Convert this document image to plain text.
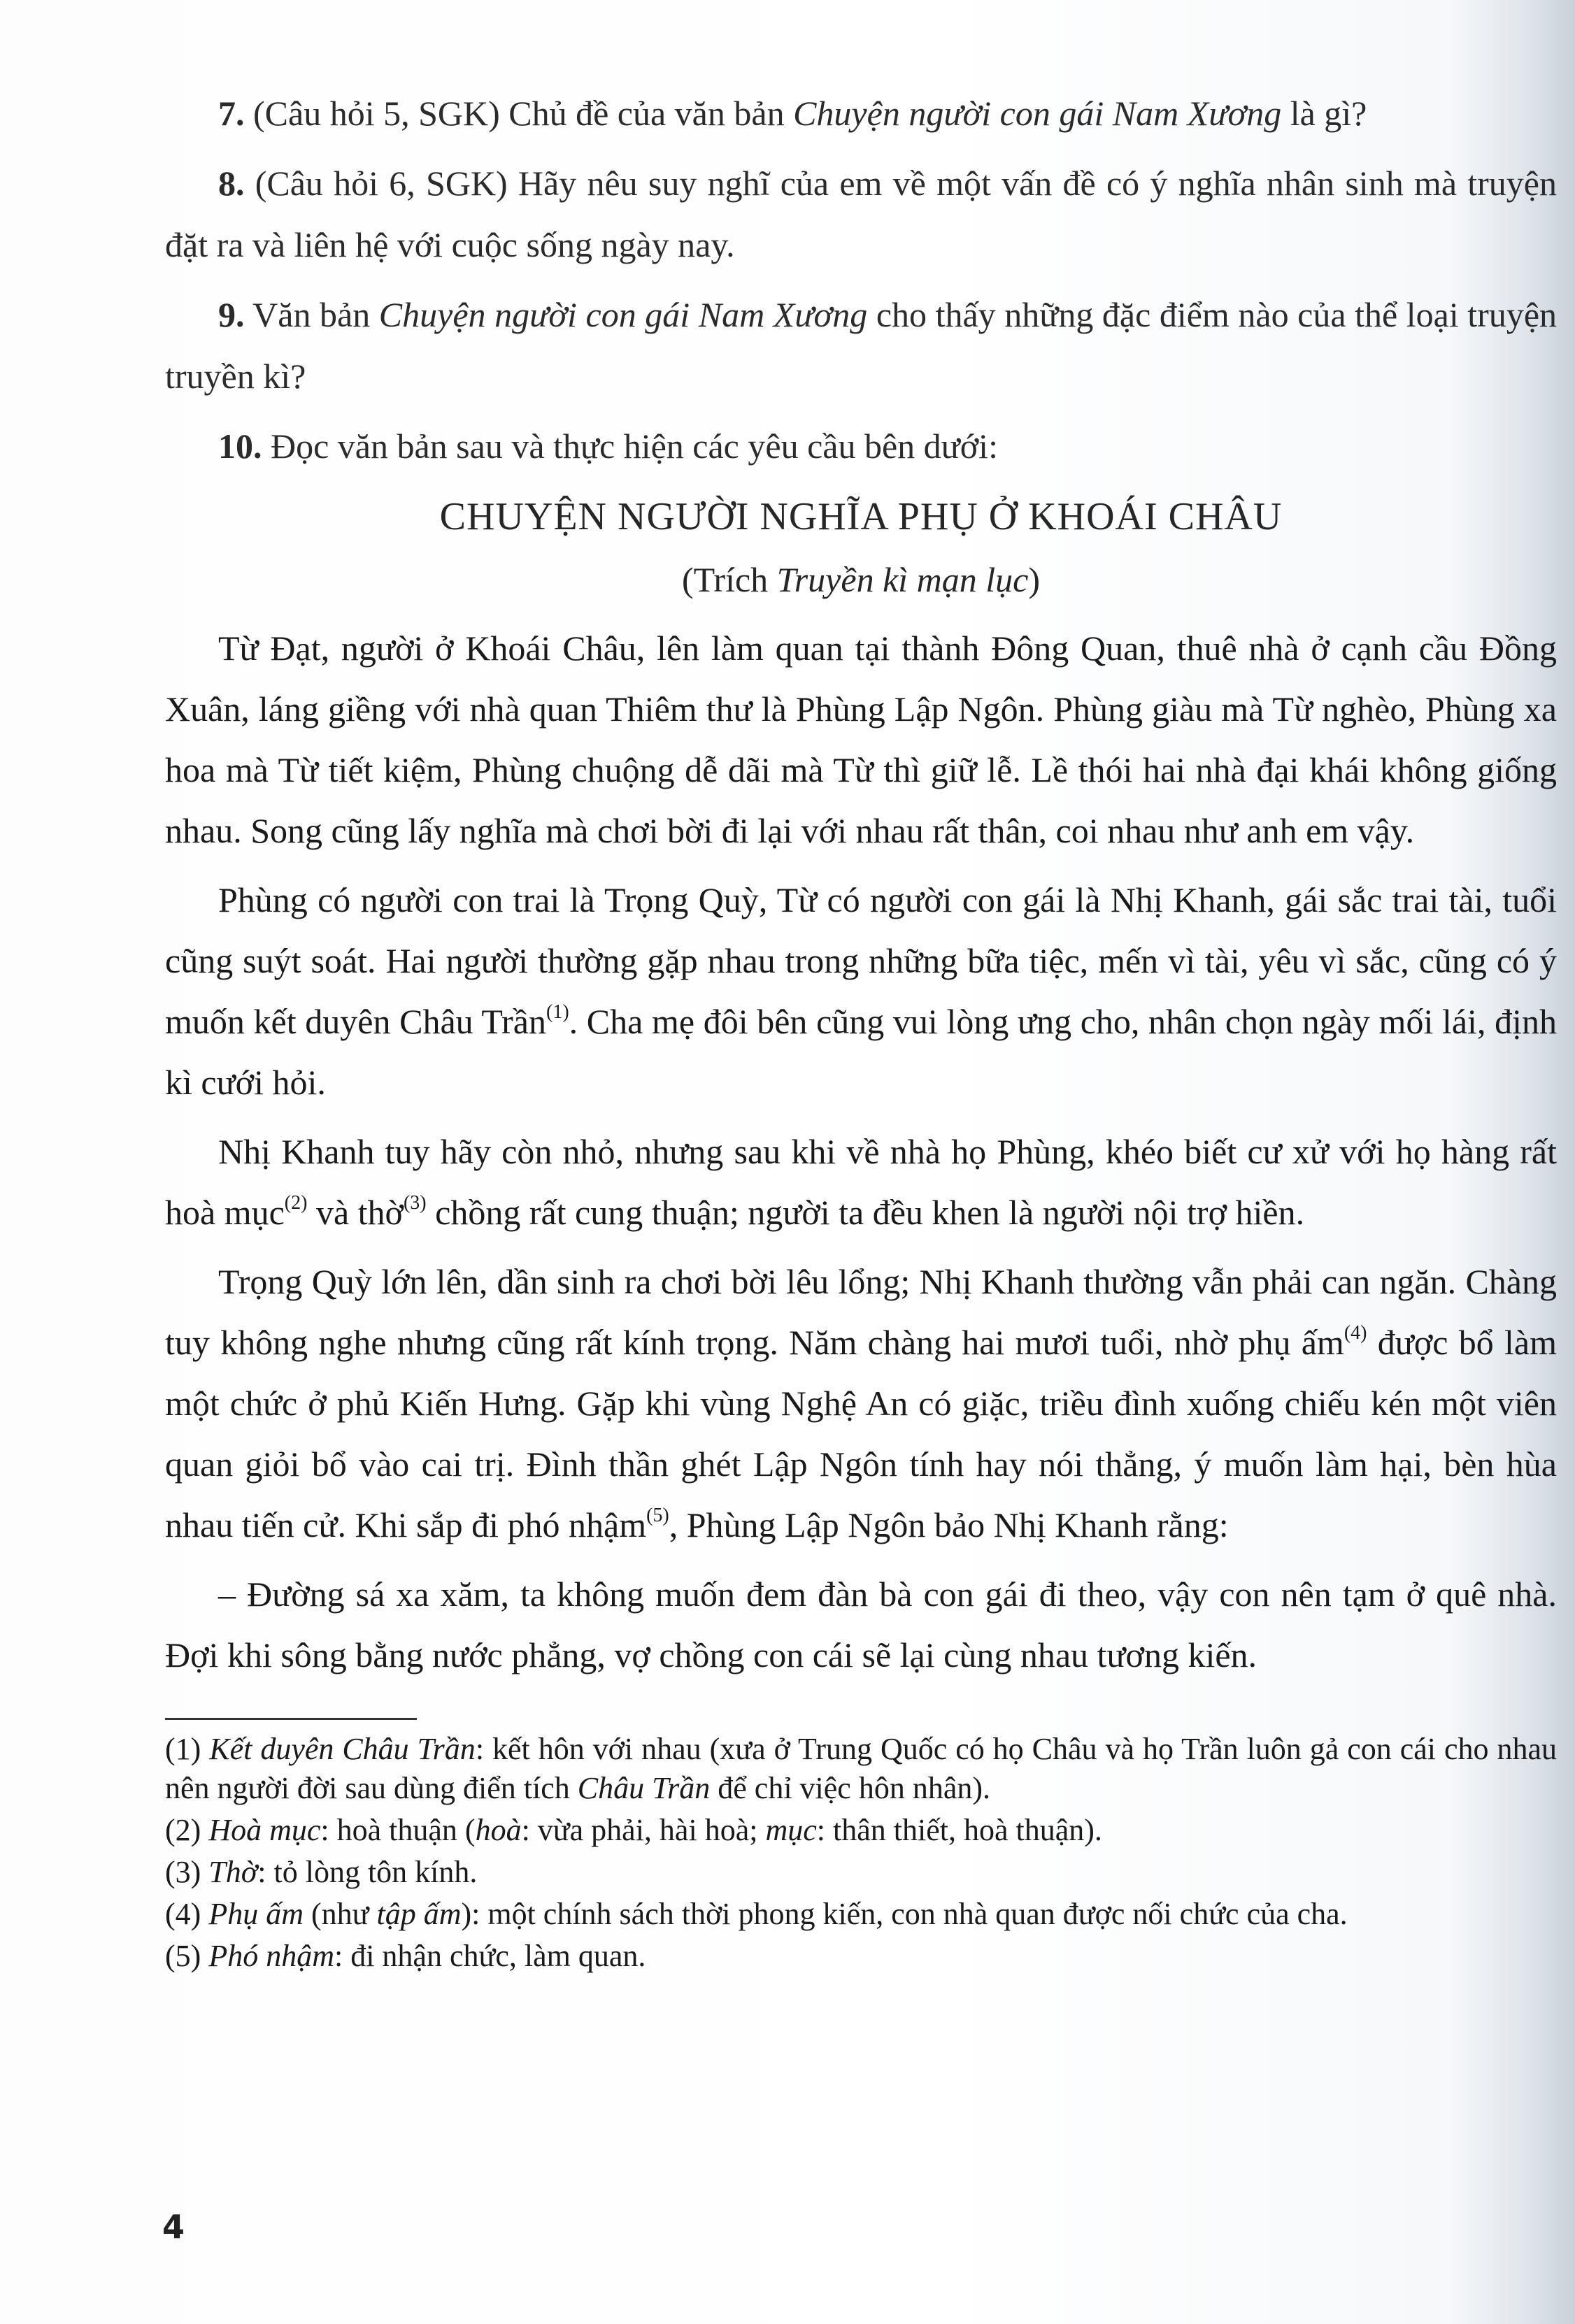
7. (Câu hỏi 5, SGK) Chủ đề của văn bản Chuyện người con gái Nam Xương là gì?

8. (Câu hỏi 6, SGK) Hãy nêu suy nghĩ của em về một vấn đề có ý nghĩa nhân sinh mà truyện đặt ra và liên hệ với cuộc sống ngày nay.

9. Văn bản Chuyện người con gái Nam Xương cho thấy những đặc điểm nào của thể loại truyện truyền kì?

10. Đọc văn bản sau và thực hiện các yêu cầu bên dưới:

CHUYỆN NGƯỜI NGHĨA PHỤ Ở KHOÁI CHÂU
(Trích Truyền kì mạn lục)

Từ Đạt, người ở Khoái Châu, lên làm quan tại thành Đông Quan, thuê nhà ở cạnh cầu Đồng Xuân, láng giềng với nhà quan Thiêm thư là Phùng Lập Ngôn. Phùng giàu mà Từ nghèo, Phùng xa hoa mà Từ tiết kiệm, Phùng chuộng dễ dãi mà Từ thì giữ lễ. Lề thói hai nhà đại khái không giống nhau. Song cũng lấy nghĩa mà chơi bời đi lại với nhau rất thân, coi nhau như anh em vậy.

Phùng có người con trai là Trọng Quỳ, Từ có người con gái là Nhị Khanh, gái sắc trai tài, tuổi cũng suýt soát. Hai người thường gặp nhau trong những bữa tiệc, mến vì tài, yêu vì sắc, cũng có ý muốn kết duyên Châu Trần$^{(1)}$. Cha mẹ đôi bên cũng vui lòng ưng cho, nhân chọn ngày mối lái, định kì cưới hỏi.

Nhị Khanh tuy hãy còn nhỏ, nhưng sau khi về nhà họ Phùng, khéo biết cư xử với họ hàng rất hoà mục$^{(2)}$ và thờ$^{(3)}$ chồng rất cung thuận; người ta đều khen là người nội trợ hiền.

Trọng Quỳ lớn lên, dần sinh ra chơi bời lêu lổng; Nhị Khanh thường vẫn phải can ngăn. Chàng tuy không nghe nhưng cũng rất kính trọng. Năm chàng hai mươi tuổi, nhờ phụ ấm$^{(4)}$ được bổ làm một chức ở phủ Kiến Hưng. Gặp khi vùng Nghệ An có giặc, triều đình xuống chiếu kén một viên quan giỏi bổ vào cai trị. Đình thần ghét Lập Ngôn tính hay nói thẳng, ý muốn làm hại, bèn hùa nhau tiến cử. Khi sắp đi phó nhậm$^{(5)}$, Phùng Lập Ngôn bảo Nhị Khanh rằng:

– Đường sá xa xăm, ta không muốn đem đàn bà con gái đi theo, vậy con nên tạm ở quê nhà. Đợi khi sông bằng nước phẳng, vợ chồng con cái sẽ lại cùng nhau tương kiến.

(1) Kết duyên Châu Trần: kết hôn với nhau (xưa ở Trung Quốc có họ Châu và họ Trần luôn gả con cái cho nhau nên người đời sau dùng điển tích Châu Trần để chỉ việc hôn nhân).

(2) Hoà mục: hoà thuận (hoà: vừa phải, hài hoà; mục: thân thiết, hoà thuận).

(3) Thờ: tỏ lòng tôn kính.

(4) Phụ ấm (như tập ấm): một chính sách thời phong kiến, con nhà quan được nối chức của cha.

(5) Phó nhậm: đi nhận chức, làm quan.

4
